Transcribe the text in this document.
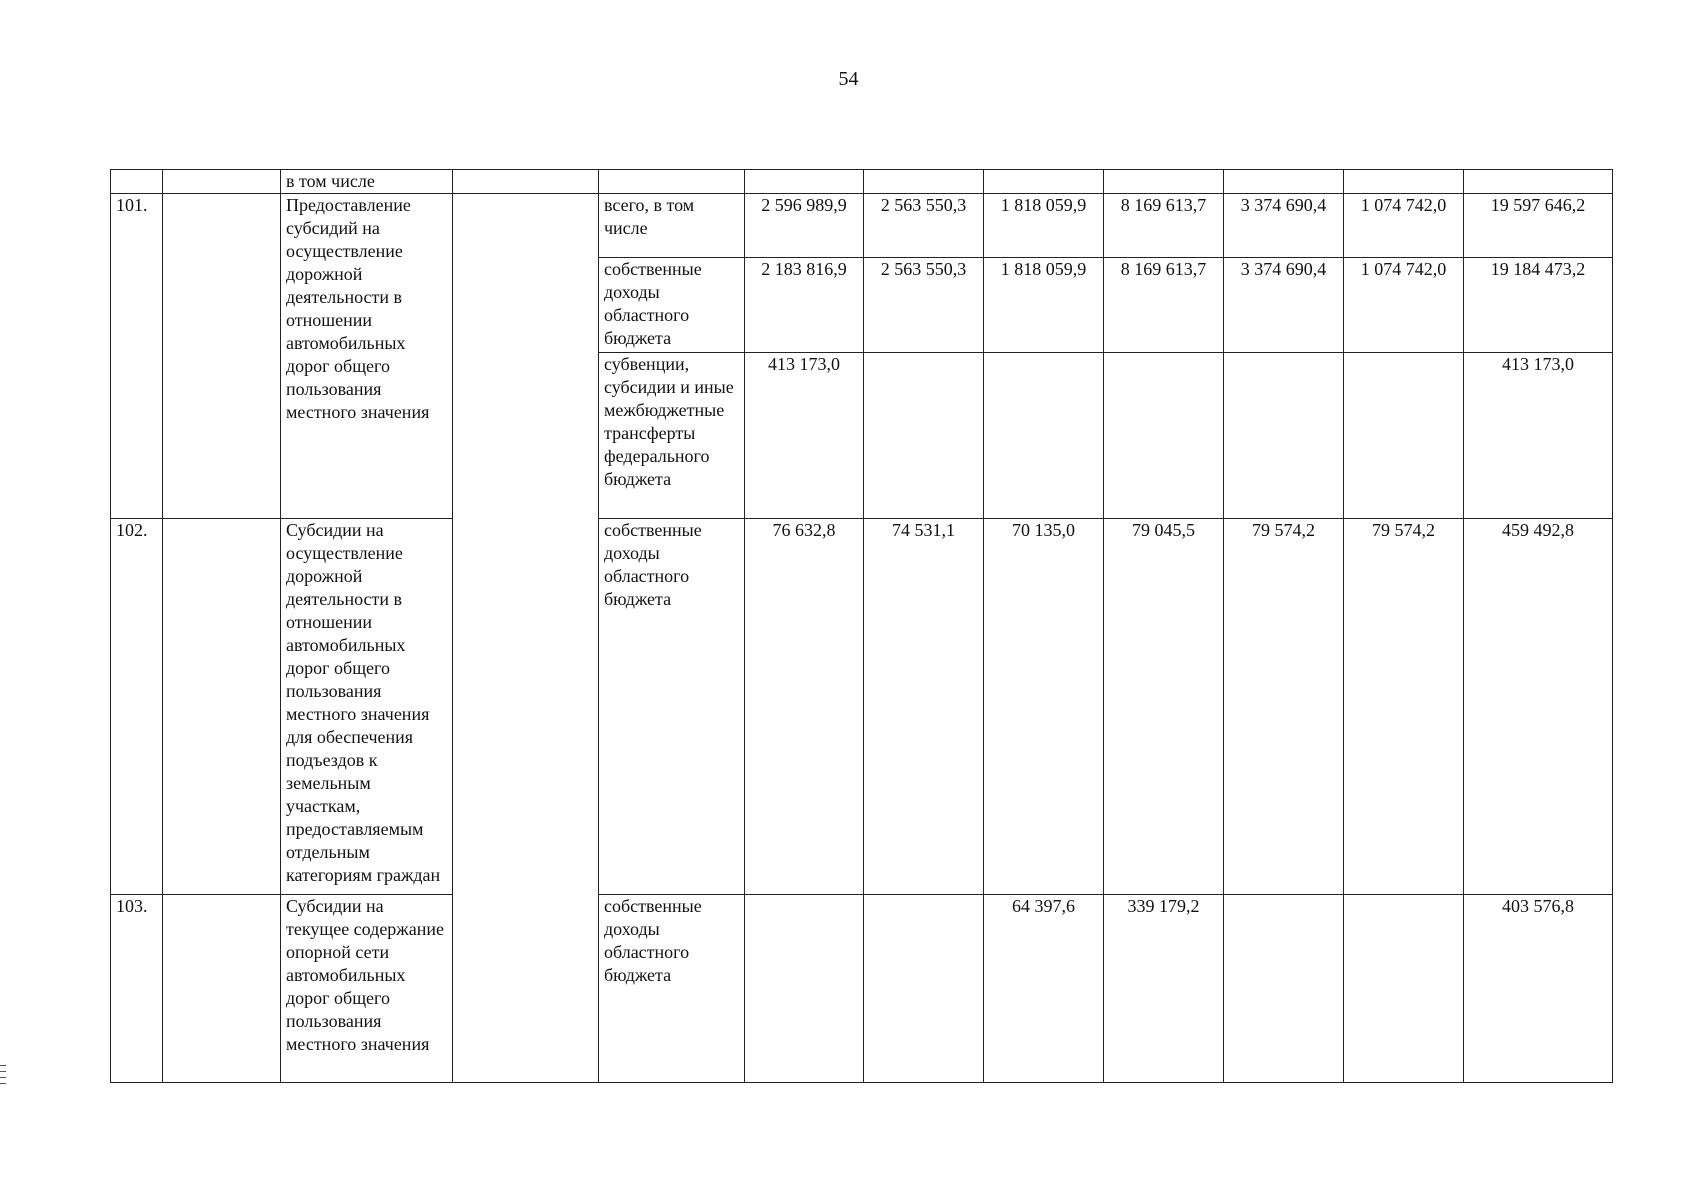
54
		в том числе									
101.		Предоставление субсидий на осуществление дорожной деятельности в отношении автомобильных дорог общего пользования местного значения		всего, в том числе	2 596 989,9	2 563 550,3	1 818 059,9	8 169 613,7	3 374 690,4	1 074 742,0	19 597 646,2
				собственные доходы областного бюджета	2 183 816,9	2 563 550,3	1 818 059,9	8 169 613,7	3 374 690,4	1 074 742,0	19 184 473,2
				субвенции, субсидии и иные межбюджетные трансферты федерального бюджета	413 173,0						413 173,0
102.		Субсидии на осуществление дорожной деятельности в отношении автомобильных дорог общего пользования местного значения для обеспечения подъездов к земельным участкам, предоставляемым отдельным категориям граждан		собственные доходы областного бюджета	76 632,8	74 531,1	70 135,0	79 045,5	79 574,2	79 574,2	459 492,8
103.		Субсидии на текущее содержание опорной сети автомобильных дорог общего пользования местного значения		собственные доходы областного бюджета			64 397,6	339 179,2			403 576,8
